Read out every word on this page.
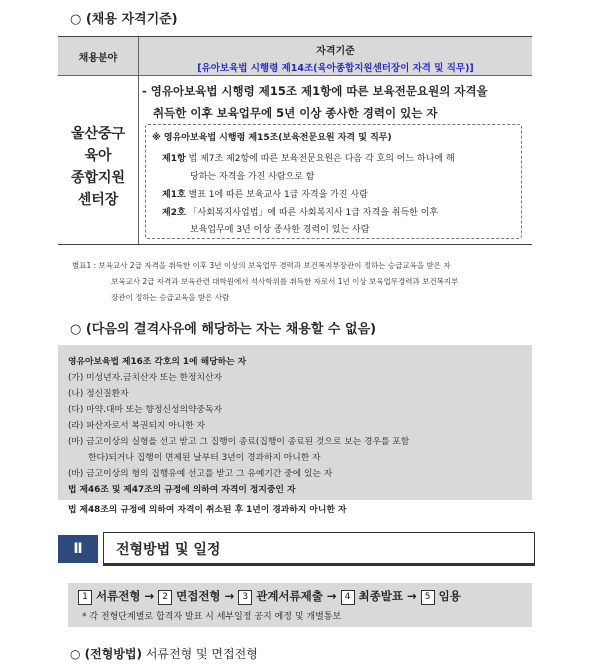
○ (채용 자격기준)
채용분야
자격기준
[유아보육법 시행령 제14조(육아종합지원센터장이 자격 및 직무)]
울산중구
육아
종합지원
센터장
- 영유아보육법 시행령 제15조 제1항에 따른 보육전문요원의 자격을
취득한 이후 보육업무에 5년 이상 종사한 경력이 있는 자
※ 영유아보육법 시행령 제15조(보육전문요원 자격 및 직무)
제1항 법 제7조 제2항에 따른 보육전문요원은 다음 각 호의 어느 하나에 해
당하는 자격을 가진 사람으로 함
제1호 별표 1에 따른 보육교사 1급 자격을 가진 사람
제2호 「사회복지사업법」에 따른 사회복지사 1급 자격을 취득한 이후
보육업무에 3년 이상 종사한 경력이 있는 사람
별표1 : 보육교사 2급 자격을 취득한 이후 3년 이상의 보육업무 경력과 보건복지부장관이 정하는 승급교육을 받은 자
보육교사 2급 자격과 보육관련 대학원에서 석사학위를 취득한 자로서 1년 이상 보육업무경력과 보건복지부
장관이 정하는 승급교육을 받은 사람
○ (다음의 결격사유에 해당하는 자는 채용할 수 없음)
영유아보육법 제16조 각호의 1에 해당하는 자
(가) 미성년자.금치산자 또는 한정치산자
(나) 정신질환자
(다) 마약.대마 또는 향정신성의약중독자
(라) 파산자로서 복권되지 아니한 자
(마) 금고이상의 실형을 선고 받고 그 집행이 종료(집행이 종료된 것으로 보는 경우를 포함
한다)되거나 집행이 면제된 날부터 3년이 경과하지 아니한 자
(바) 금고이상의 형의 집행유예 선고를 받고 그 유예기간 중에 있는 자
법 제46조 및 제47조의 규정에 의하여 자격이 정지중인 자
법 제48조의 규정에 의하여 자격이 취소된 후 1년이 경과하지 아니한 자
Ⅱ	전형방법 및 일정
1 서류전형 → 2 면접전형 → 3 관계서류제출 → 4 최종발표 → 5 임용
* 각 전형단계별로 합격자 발표 시 세부일정 공지 예정 및 개별통보
○ (전형방법) 서류전형 및 면접전형
